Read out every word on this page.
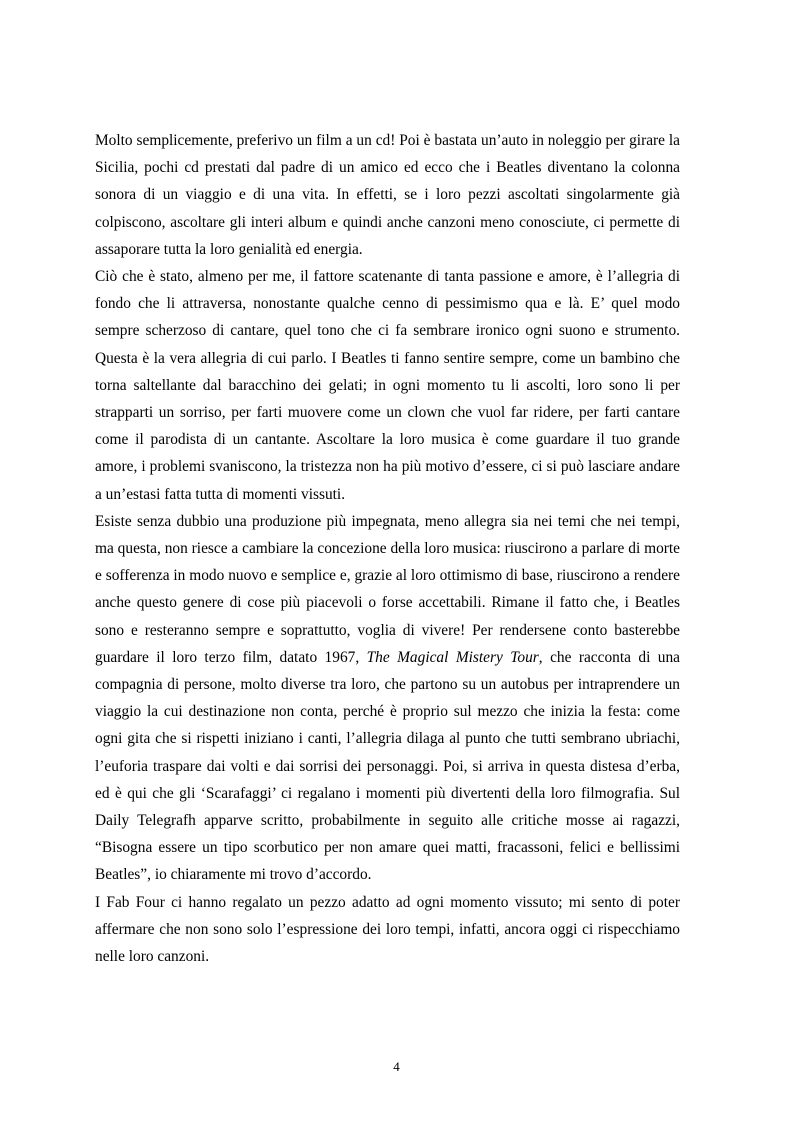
Molto semplicemente, preferivo un film a un cd! Poi è bastata un’auto in noleggio per girare la Sicilia, pochi cd prestati dal padre di un amico ed ecco che i Beatles diventano la colonna sonora di un viaggio e di una vita. In effetti, se i loro pezzi ascoltati singolarmente già colpiscono, ascoltare gli interi album e quindi anche canzoni meno conosciute, ci permette di assaporare tutta la loro genialità ed energia.

Ciò che è stato, almeno per me, il fattore scatenante di tanta passione e amore, è l’allegria di fondo che li attraversa, nonostante qualche cenno di pessimismo qua e là. E’ quel modo sempre scherzoso di cantare, quel tono che ci fa sembrare ironico ogni suono e strumento. Questa è la vera allegria di cui parlo. I Beatles ti fanno sentire sempre, come un bambino che torna saltellante dal baracchino dei gelati; in ogni momento tu li ascolti, loro sono li per strapparti un sorriso, per farti muovere come un clown che vuol far ridere, per farti cantare come il parodista di un cantante. Ascoltare la loro musica è come guardare il tuo grande amore, i problemi svaniscono, la tristezza non ha più motivo d’essere, ci si può lasciare andare a un’estasi fatta tutta di momenti vissuti.

Esiste senza dubbio una produzione più impegnata, meno allegra sia nei temi che nei tempi, ma questa, non riesce a cambiare la concezione della loro musica: riuscirono a parlare di morte e sofferenza in modo nuovo e semplice e, grazie al loro ottimismo di base, riuscirono a rendere anche questo genere di cose più piacevoli o forse accettabili. Rimane il fatto che, i Beatles sono e resteranno sempre e soprattutto, voglia di vivere! Per rendersene conto basterebbe guardare il loro terzo film, datato 1967, The Magical Mistery Tour, che racconta di una compagnia di persone, molto diverse tra loro, che partono su un autobus per intraprendere un viaggio la cui destinazione non conta, perché è proprio sul mezzo che inizia la festa: come ogni gita che si rispetti iniziano i canti, l’allegria dilaga al punto che tutti sembrano ubriachi, l’euforia traspare dai volti e dai sorrisi dei personaggi. Poi, si arriva in questa distesa d’erba, ed è qui che gli ‘Scarafaggi’ ci regalano i momenti più divertenti della loro filmografia. Sul Daily Telegrafh apparve scritto, probabilmente in seguito alle critiche mosse ai ragazzi, “Bisogna essere un tipo scorbutico per non amare quei matti, fracassoni, felici e bellissimi Beatles”, io chiaramente mi trovo d’accordo.

I Fab Four ci hanno regalato un pezzo adatto ad ogni momento vissuto; mi sento di poter affermare che non sono solo l’espressione dei loro tempi, infatti, ancora oggi ci rispecchiamo nelle loro canzoni.

4
